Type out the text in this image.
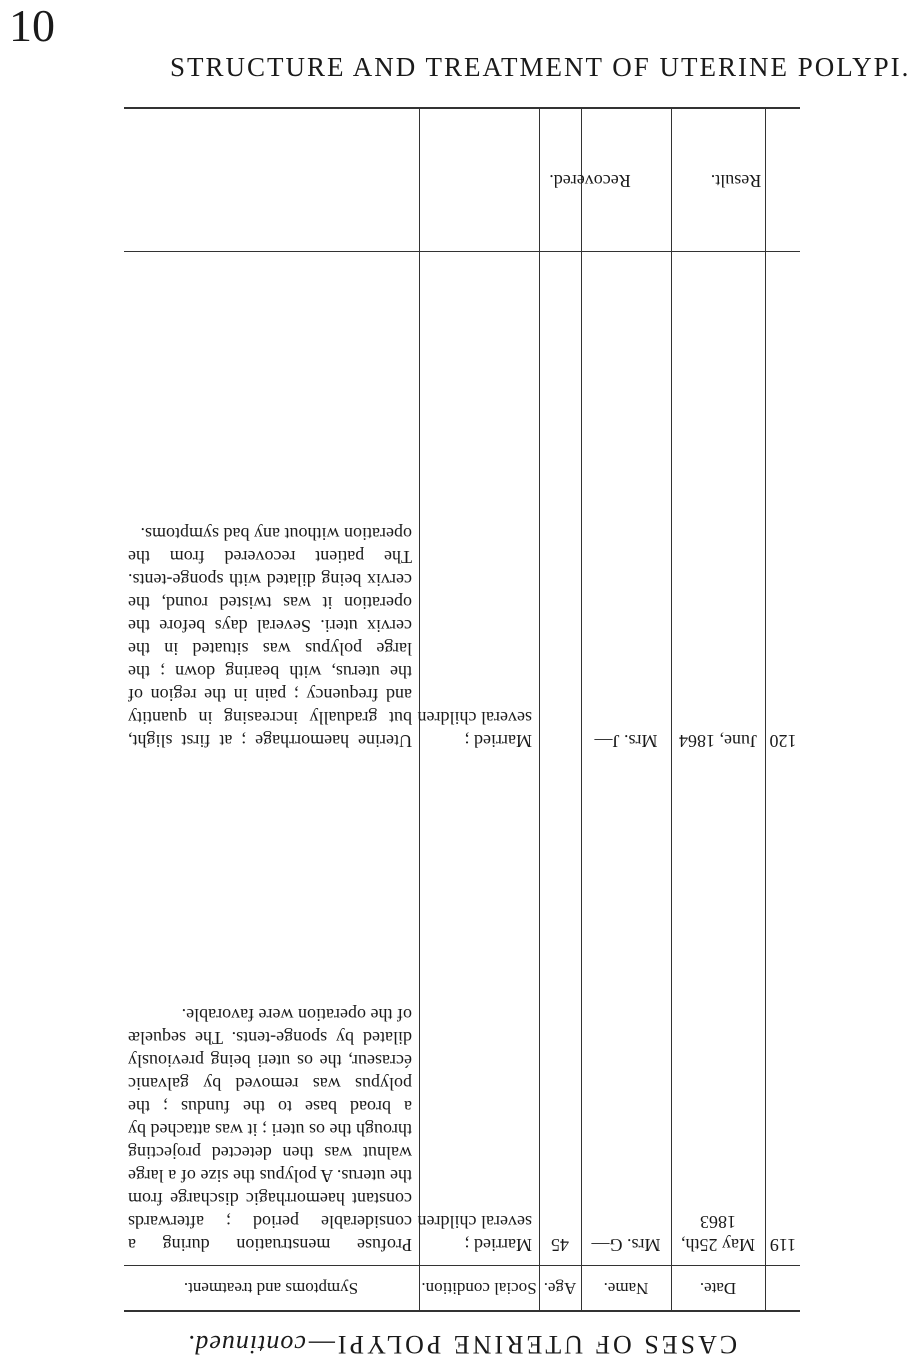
10
STRUCTURE AND TREATMENT OF UTERINE POLYPI.
CASES OF UTERINE POLYPI—continued.
Date.
Name.
Age.
Social condition.
Symptoms and treatment.
119
May 25th,
1863
Mrs. G—
45
Married ;
several children
Profuse menstruation during a considerable period ; afterwards constant haemorrhagic discharge from the uterus. A polypus the size of a large walnut was then detected projecting through the os uteri ; it was attached by a broad base to the fundus ; the polypus was removed by galvanic écraseur, the os uteri being previously dilated by sponge-tents. The sequelæ of the operation were favorable.
120
June, 1864
Mrs. J—
Married ;
several children
Uterine haemorrhage ; at first slight, but gradually increasing in quantity and frequency ; pain in the region of the uterus, with bearing down ; the large polypus was situated in the cervix uteri. Several days before the operation it was twisted round, the cervix being dilated with sponge-tents. The patient recovered from the operation without any bad symptoms.
Result.
Recovered.
